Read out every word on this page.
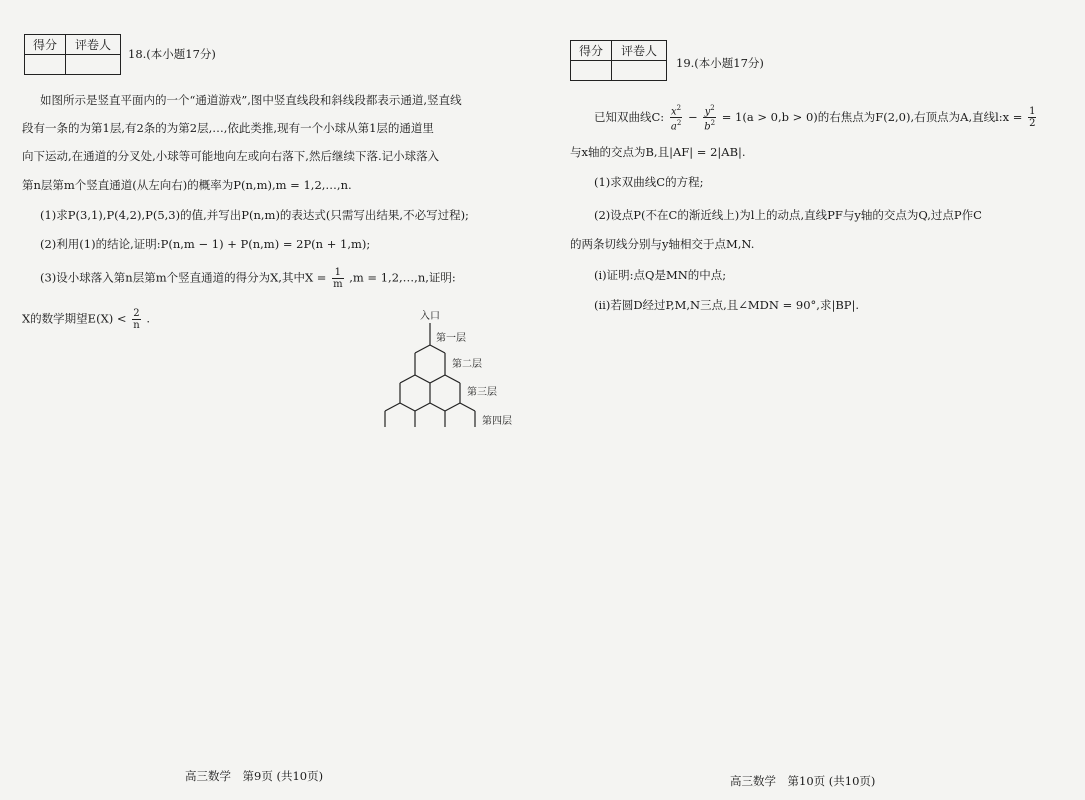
得分	评卷人

18.(本小题17分)
如图所示是竖直平面内的一个“通道游戏”,图中竖直线段和斜线段都表示通道,竖直线
段有一条的为第1层,有2条的为第2层,…,依此类推,现有一个小球从第1层的通道里
向下运动,在通道的分叉处,小球等可能地向左或向右落下,然后继续下落.记小球落入
第n层第m个竖直通道(从左向右)的概率为P(n,m),m = 1,2,…,n.
(1)求P(3,1),P(4,2),P(5,3)的值,并写出P(n,m)的表达式(只需写出结果,不必写过程);
(2)利用(1)的结论,证明:P(n,m − 1) + P(n,m) = 2P(n + 1,m);
(3)设小球落入第n层第m个竖直通道的得分为X,其中$X = \frac{1}{m} ,m$ = 1,2,…,n,证明:
X的数学期望$E(X) < \frac{2}{n}$ .	入口
第一层
第二层
第三层
第四层
高三数学　第9页 (共10页)
得分	评卷人

19.(本小题17分)
已知双曲线C: $\frac{x^2}{a^2} - \frac{y^2}{b^2} = 1(a > 0,b > 0)$的右焦点为F(2,0),右顶点为A,直线l:x = $\frac{1}{2}$
与x轴的交点为B,且|AF| = 2|AB|.
(1)求双曲线C的方程;
(2)设点P(不在C的渐近线上)为l上的动点,直线PF与y轴的交点为Q,过点P作C
的两条切线分别与y轴相交于点M,N.
(ⅰ)证明:点Q是MN的中点;
(ⅱ)若圆D经过P,M,N三点,且∠MDN = 90°,求|BP|.
高三数学　第10页 (共10页)
